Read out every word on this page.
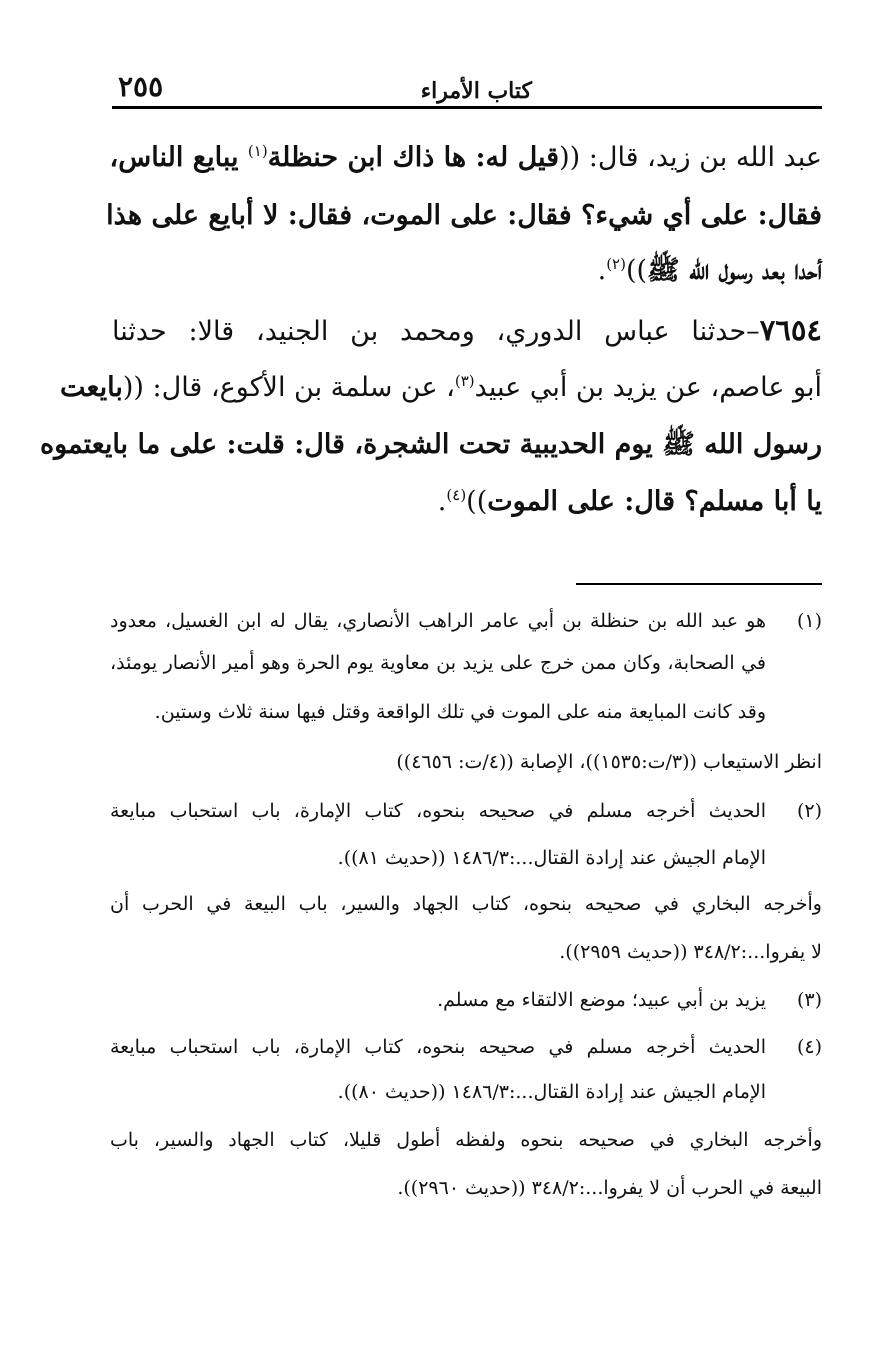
كتاب الأمراء
٢٥٥
عبد الله بن زيد، قال: ((قيل له: ها ذاك ابن حنظلة$^{(١)}$ يبايع الناس،
فقال: على أي شيء؟ فقال: على الموت، فقال: لا أبايع على هذا
أحدا بعد رسول الله ﷺ))$^{(٢)}$.
٧٦٥٤–حدثنا عباس الدوري، ومحمد بن الجنيد، قالا: حدثنا
أبو عاصم، عن يزيد بن أبي عبيد$^{(٣)}$، عن سلمة بن الأكوع، قال: ((بايعت
رسول الله ﷺ يوم الحديبية تحت الشجرة، قال: قلت: على ما بايعتموه
يا أبا مسلم؟ قال: على الموت))$^{(٤)}$.
(١)
هو عبد الله بن حنظلة بن أبي عامر الراهب الأنصاري، يقال له ابن الغسيل، معدود
في الصحابة، وكان ممن خرج على يزيد بن معاوية يوم الحرة وهو أمير الأنصار يومئذ،
وقد كانت المبايعة منه على الموت في تلك الواقعة وقتل فيها سنة ثلاث وستين.
انظر الاستيعاب ((٣/ت:١٥٣٥))، الإصابة ((٤/ت: ٤٦٥٦))
(٢)
الحديث أخرجه مسلم في صحيحه بنحوه، كتاب الإمارة، باب استحباب مبايعة
الإمام الجيش عند إرادة القتال...:١٤٨٦/٣ ((حديث ٨١)).
وأخرجه البخاري في صحيحه بنحوه، كتاب الجهاد والسير، باب البيعة في الحرب أن
لا يفروا...:٣٤٨/٢ ((حديث ٢٩٥٩)).
(٣)
يزيد بن أبي عبيد؛ موضع الالتقاء مع مسلم.
(٤)
الحديث أخرجه مسلم في صحيحه بنحوه، كتاب الإمارة، باب استحباب مبايعة
الإمام الجيش عند إرادة القتال...:١٤٨٦/٣ ((حديث ٨٠)).
وأخرجه البخاري في صحيحه بنحوه ولفظه أطول قليلا، كتاب الجهاد والسير، باب
البيعة في الحرب أن لا يفروا...:٣٤٨/٢ ((حديث ٢٩٦٠)).
